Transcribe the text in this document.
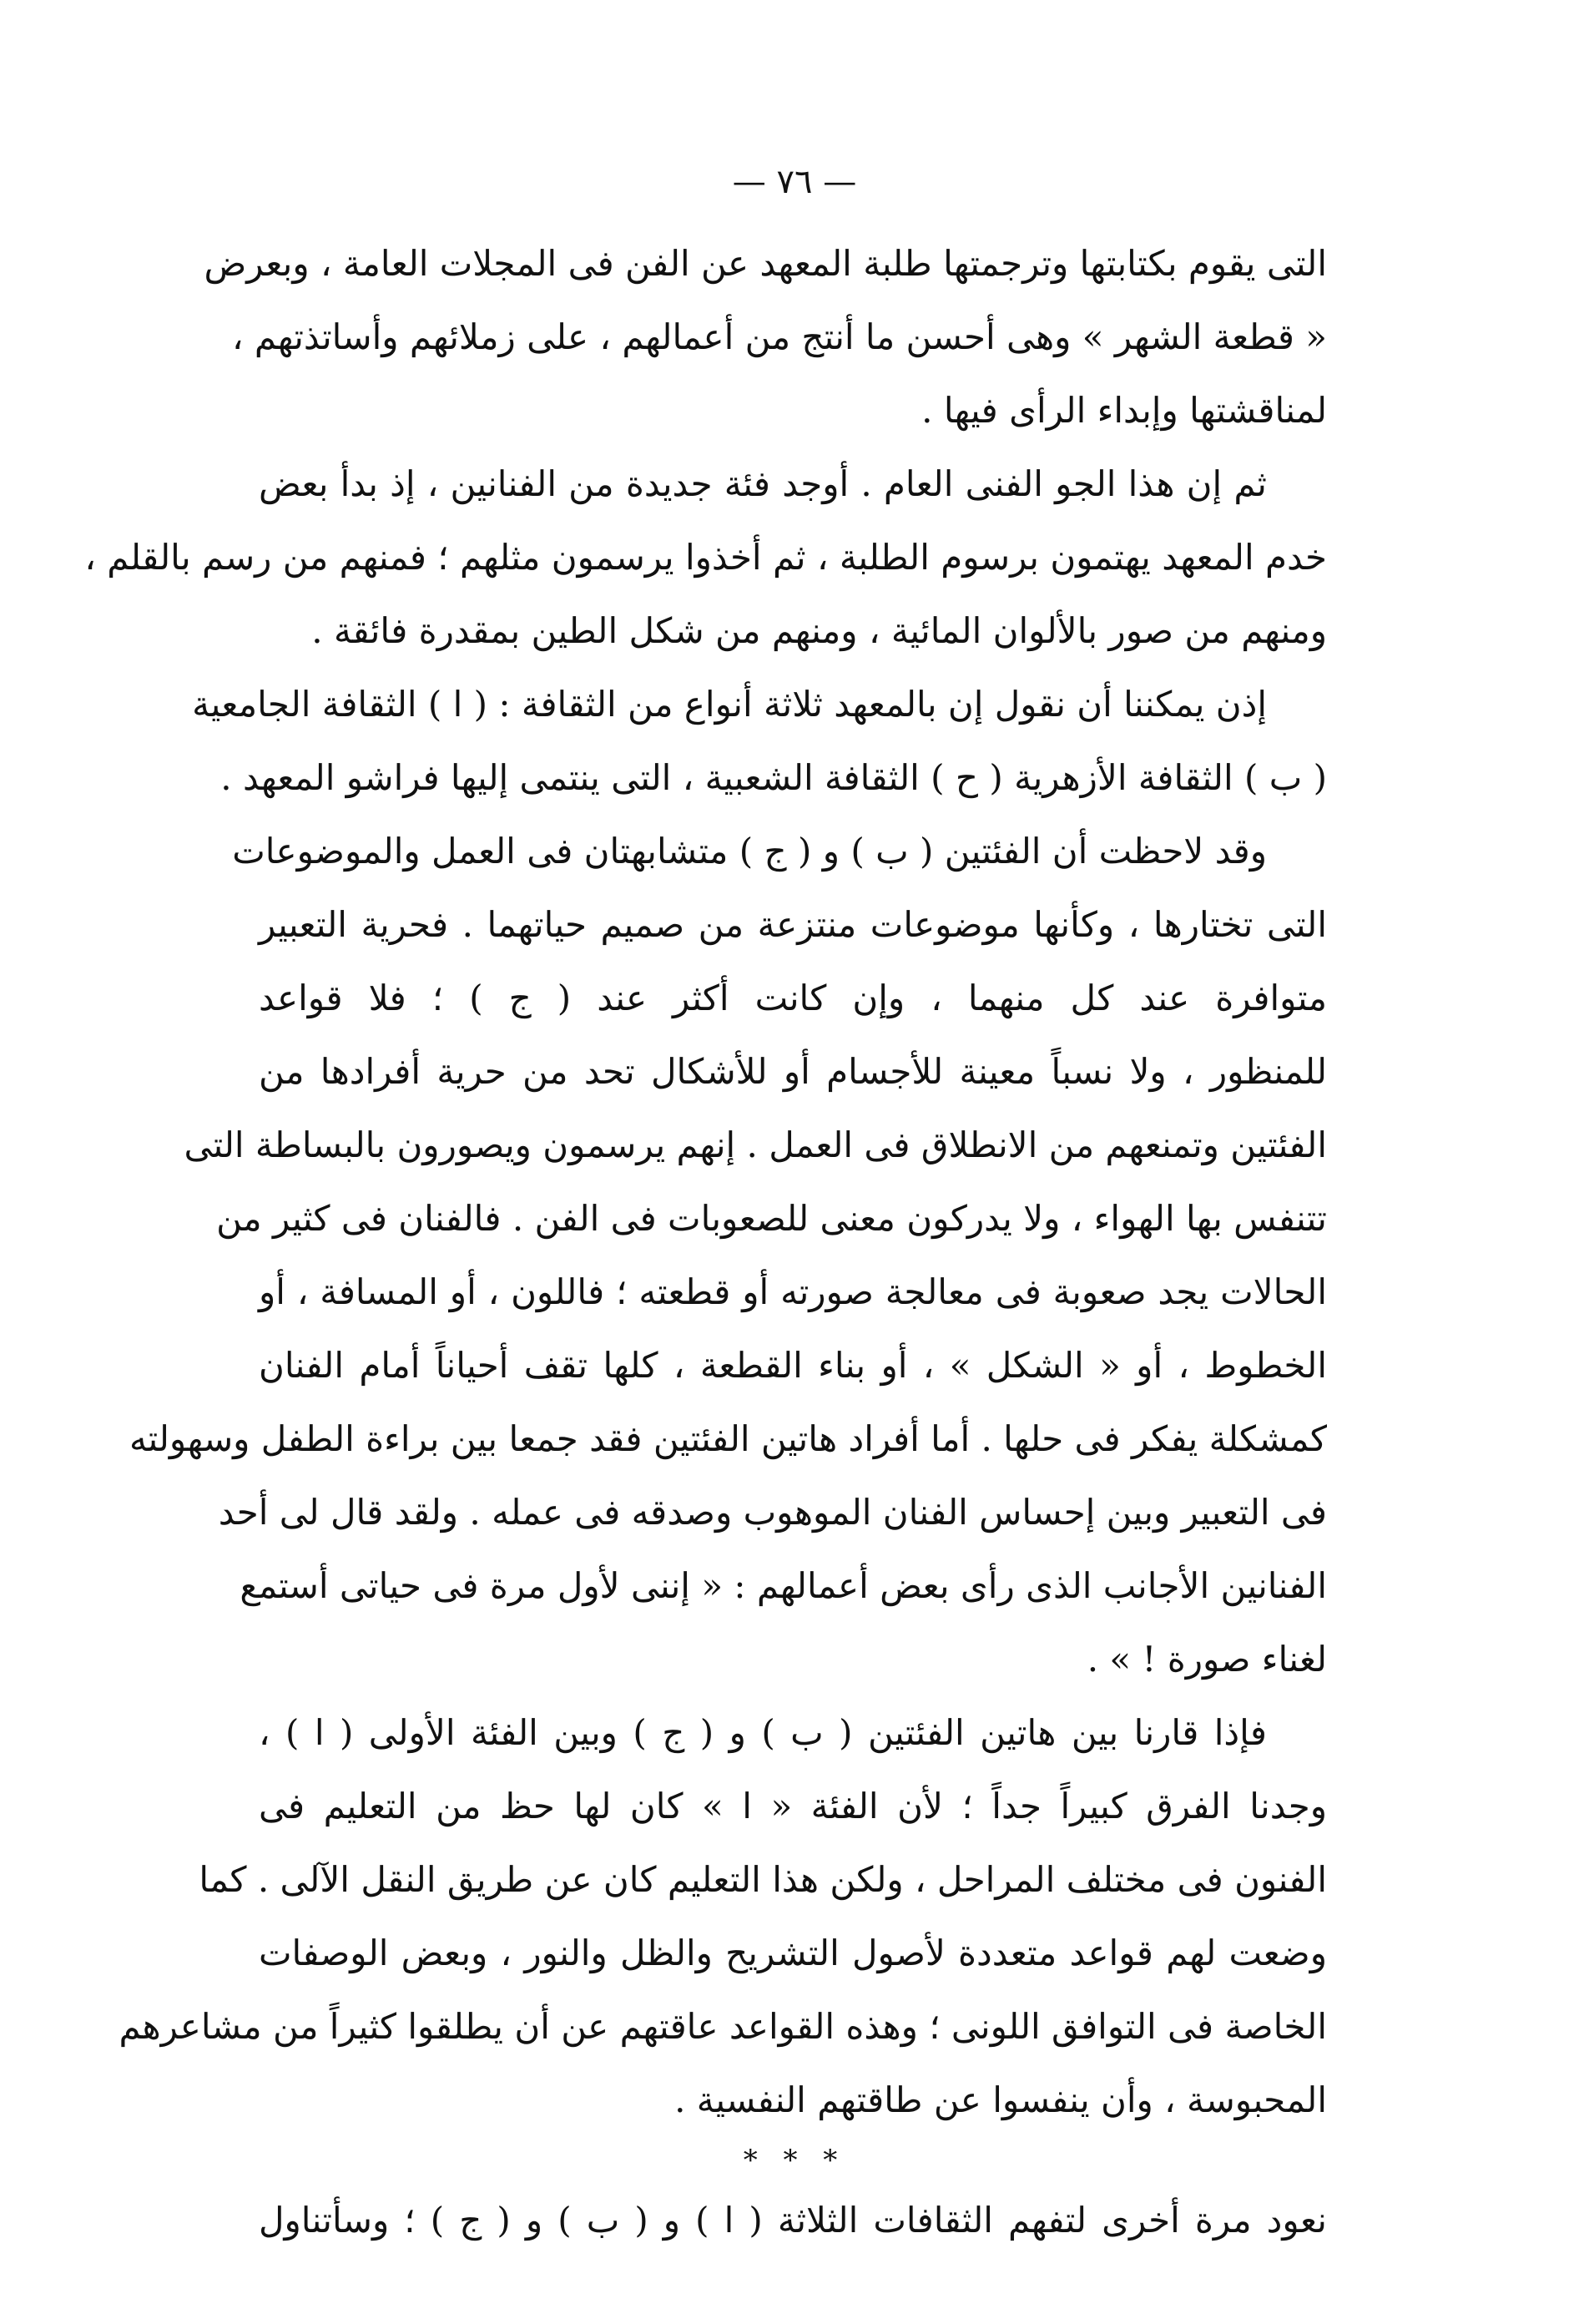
— ٧٦ —
التى يقوم بكتابتها وترجمتها طلبة المعهد عن الفن فى المجلات العامة ، وبعرض
« قطعة الشهر » وهى أحسن ما أنتج من أعمالهم ، على زملائهم وأساتذتهم ،
لمناقشتها وإبداء الرأى فيها .
ثم إن هذا الجو الفنى العام . أوجد فئة جديدة من الفنانين ، إذ بدأ بعض
خدم المعهد يهتمون برسوم الطلبة ، ثم أخذوا يرسمون مثلهم ؛ فمنهم من رسم بالقلم ،
ومنهم من صور بالألوان المائية ، ومنهم من شكل الطين بمقدرة فائقة .
إذن يمكننا أن نقول إن بالمعهد ثلاثة أنواع من الثقافة : ( ا ) الثقافة الجامعية
( ب ) الثقافة الأزهرية ( ح ) الثقافة الشعبية ، التى ينتمى إليها فراشو المعهد .
وقد لاحظت أن الفئتين ( ب ) و ( ج ) متشابهتان فى العمل والموضوعات
التى تختارها ، وكأنها موضوعات منتزعة من صميم حياتهما . فحرية التعبير
متوافرة عند كل منهما ، وإن كانت أكثر عند ( ج ) ؛ فلا قواعد
للمنظور ، ولا نسباً معينة للأجسام أو للأشكال تحد من حرية أفرادها من
الفئتين وتمنعهم من الانطلاق فى العمل . إنهم يرسمون ويصورون بالبساطة التى
تتنفس بها الهواء ، ولا يدركون معنى للصعوبات فى الفن . فالفنان فى كثير من
الحالات يجد صعوبة فى معالجة صورته أو قطعته ؛ فاللون ، أو المسافة ، أو
الخطوط ، أو « الشكل » ، أو بناء القطعة ، كلها تقف أحياناً أمام الفنان
كمشكلة يفكر فى حلها . أما أفراد هاتين الفئتين فقد جمعا بين براءة الطفل وسهولته
فى التعبير وبين إحساس الفنان الموهوب وصدقه فى عمله . ولقد قال لى أحد
الفنانين الأجانب الذى رأى بعض أعمالهم : « إننى لأول مرة فى حياتى أستمع
لغناء صورة ! » .
فإذا قارنا بين هاتين الفئتين ( ب ) و ( ج ) وبين الفئة الأولى ( ا ) ،
وجدنا الفرق كبيراً جداً ؛ لأن الفئة « ا » كان لها حظ من التعليم فى
الفنون فى مختلف المراحل ، ولكن هذا التعليم كان عن طريق النقل الآلى . كما
وضعت لهم قواعد متعددة لأصول التشريح والظل والنور ، وبعض الوصفات
الخاصة فى التوافق اللونى ؛ وهذه القواعد عاقتهم عن أن يطلقوا كثيراً من مشاعرهم
المحبوسة ، وأن ينفسوا عن طاقتهم النفسية .
* * *
نعود مرة أخرى لتفهم الثقافات الثلاثة ( ا ) و ( ب ) و ( ج ) ؛ وسأتناول
